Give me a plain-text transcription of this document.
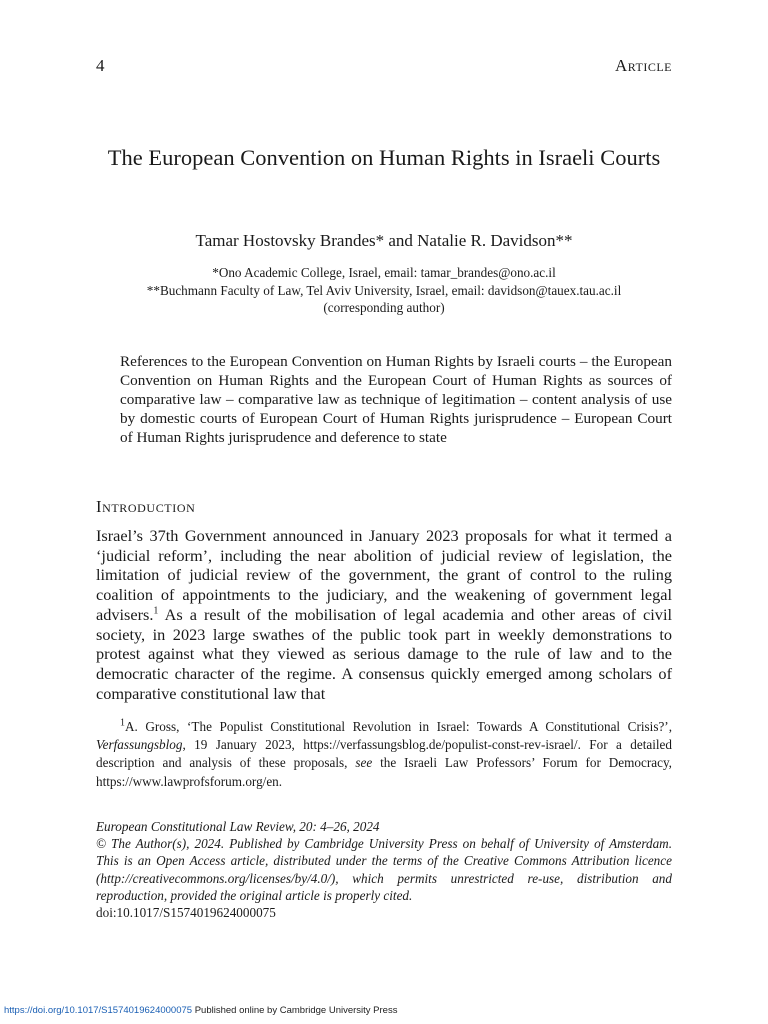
4	Article
The European Convention on Human Rights in Israeli Courts
Tamar Hostovsky Brandes* and Natalie R. Davidson**
*Ono Academic College, Israel, email: tamar_brandes@ono.ac.il
**Buchmann Faculty of Law, Tel Aviv University, Israel, email: davidson@tauex.tau.ac.il
(corresponding author)

References to the European Convention on Human Rights by Israeli courts – the European Convention on Human Rights and the European Court of Human Rights as sources of comparative law – comparative law as technique of legitimation – content analysis of use by domestic courts of European Court of Human Rights jurisprudence – European Court of Human Rights jurisprudence and deference to state

Introduction

Israel’s 37th Government announced in January 2023 proposals for what it termed a ‘judicial reform’, including the near abolition of judicial review of legislation, the limitation of judicial review of the government, the grant of control to the ruling coalition of appointments to the judiciary, and the weakening of government legal advisers.$^1$ As a result of the mobilisation of legal academia and other areas of civil society, in 2023 large swathes of the public took part in weekly demonstrations to protest against what they viewed as serious damage to the rule of law and to the democratic character of the regime. A consensus quickly emerged among scholars of comparative constitutional law that

$^1$A. Gross, ‘The Populist Constitutional Revolution in Israel: Towards A Constitutional Crisis?’, Verfassungsblog, 19 January 2023, https://verfassungsblog.de/populist-const-rev-israel/. For a detailed description and analysis of these proposals, see the Israeli Law Professors’ Forum for Democracy, https://www.lawprofsforum.org/en.

European Constitutional Law Review, 20: 4–26, 2024
© The Author(s), 2024. Published by Cambridge University Press on behalf of University of Amsterdam. This is an Open Access article, distributed under the terms of the Creative Commons Attribution licence (http://creativecommons.org/licenses/by/4.0/), which permits unrestricted re-use, distribution and reproduction, provided the original article is properly cited.
doi:10.1017/S1574019624000075
https://doi.org/10.1017/S1574019624000075 Published online by Cambridge University Press
